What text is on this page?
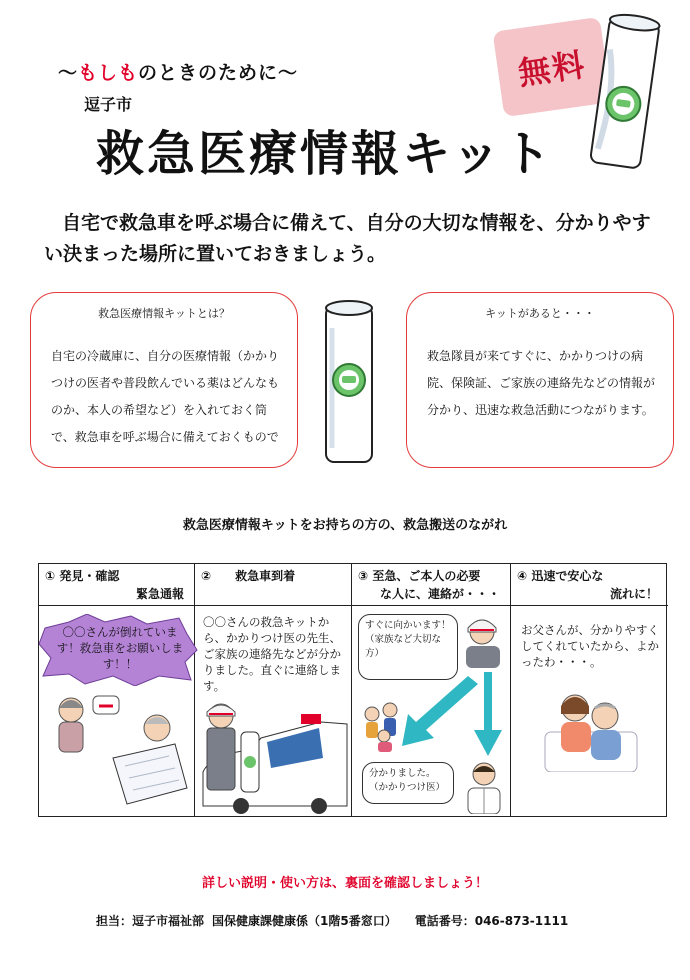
〜もしものときのために〜
逗子市
救急医療情報キット
無料
自宅で救急車を呼ぶ場合に備えて、自分の大切な情報を、分かりやすい決まった場所に置いておきましょう。
救急医療情報キットとは？
自宅の冷蔵庫に、自分の医療情報（かかりつけの医者や普段飲んでいる薬はどんなものか、本人の希望など）を入れておく筒で、救急車を呼ぶ場合に備えておくもので
キットがあると・・・
救急隊員が来てすぐに、かかりつけの病院、保険証、ご家族の連絡先などの情報が分かり、迅速な救急活動につながります。
救急医療情報キットをお持ちの方の、救急搬送のながれ
① 発見・確認
緊急通報
〇〇さんが倒れています！救急車をお願いします！！
②　　救急車到着
〇〇さんの救急キットから、かかりつけ医の先生、ご家族の連絡先などが分かりました。直ぐに連絡します。
③ 至急、ご本人の必要
な人に、連絡が・・・
すぐに向かいます！（家族など大切な方）
分かりました。（かかりつけ医）
④ 迅速で安心な
流れに！
お父さんが、分かりやすくしてくれていたから、よかったわ・・・。
詳しい説明・使い方は、裏面を確認しましょう！
担当：逗子市福祉部 国保健康課健康係（1階5番窓口） 電話番号：046-873-1111
